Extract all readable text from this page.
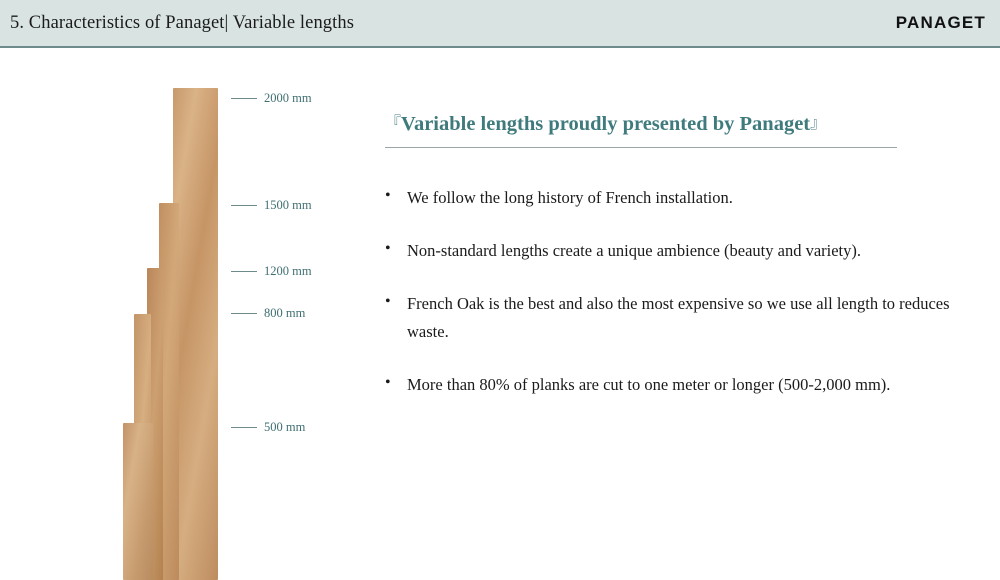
5. Characteristics of Panaget| Variable lengths	PANAGET
2000 mm
1500 mm
1200 mm
800 mm
500 mm
『Variable lengths proudly presented by Panaget』
• We follow the long history of French installation.
• Non-standard lengths create a unique ambience (beauty and variety).
• French Oak is the best and also the most expensive so we use all length to reduces waste.
• More than 80% of planks are cut to one meter or longer (500-2,000 mm).
